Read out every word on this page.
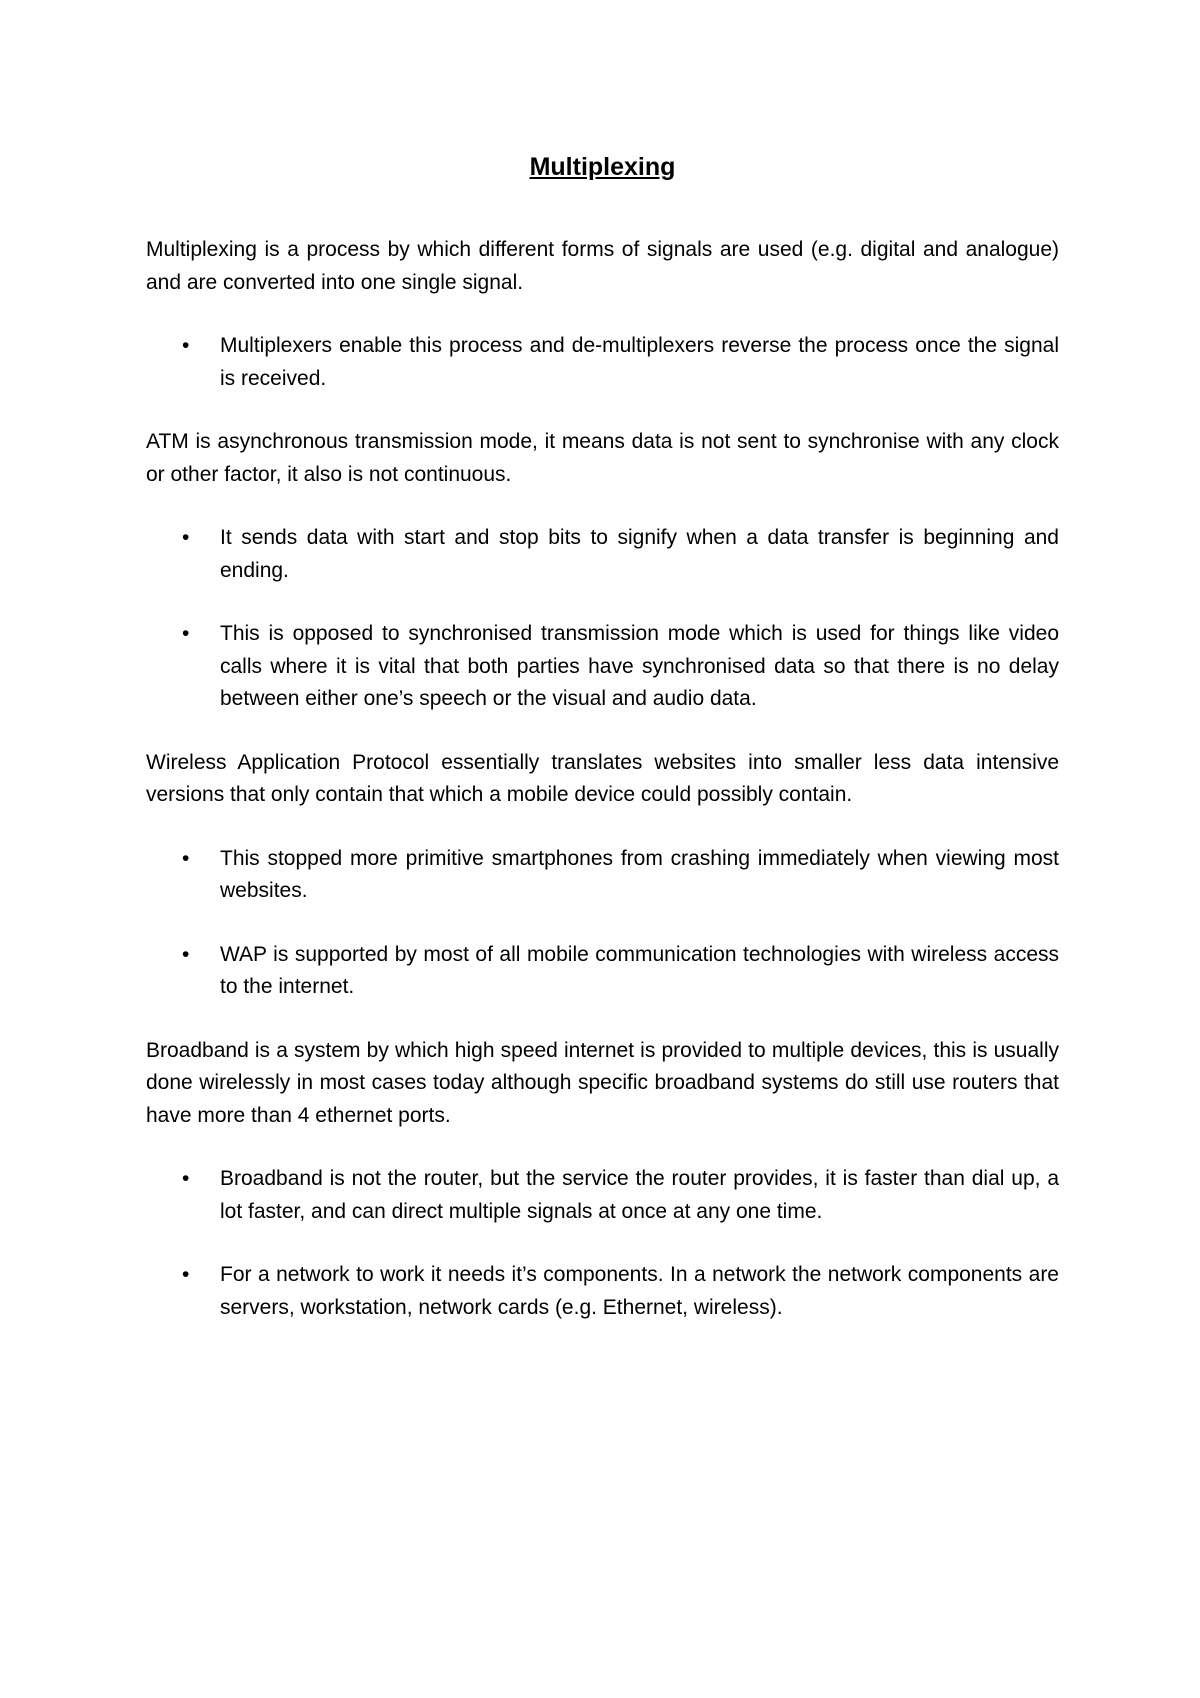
Multiplexing

Multiplexing is a process by which different forms of signals are used (e.g. digital and analogue) and are converted into one single signal.

• Multiplexers enable this process and de-multiplexers reverse the process once the signal is received.

ATM is asynchronous transmission mode, it means data is not sent to synchronise with any clock or other factor, it also is not continuous.

• It sends data with start and stop bits to signify when a data transfer is beginning and ending.
• This is opposed to synchronised transmission mode which is used for things like video calls where it is vital that both parties have synchronised data so that there is no delay between either one’s speech or the visual and audio data.

Wireless Application Protocol essentially translates websites into smaller less data intensive versions that only contain that which a mobile device could possibly contain.

• This stopped more primitive smartphones from crashing immediately when viewing most websites.
• WAP is supported by most of all mobile communication technologies with wireless access to the internet.

Broadband is a system by which high speed internet is provided to multiple devices, this is usually done wirelessly in most cases today although specific broadband systems do still use routers that have more than 4 ethernet ports.

• Broadband is not the router, but the service the router provides, it is faster than dial up, a lot faster, and can direct multiple signals at once at any one time.
• For a network to work it needs it’s components. In a network the network components are servers, workstation, network cards (e.g. Ethernet, wireless).
